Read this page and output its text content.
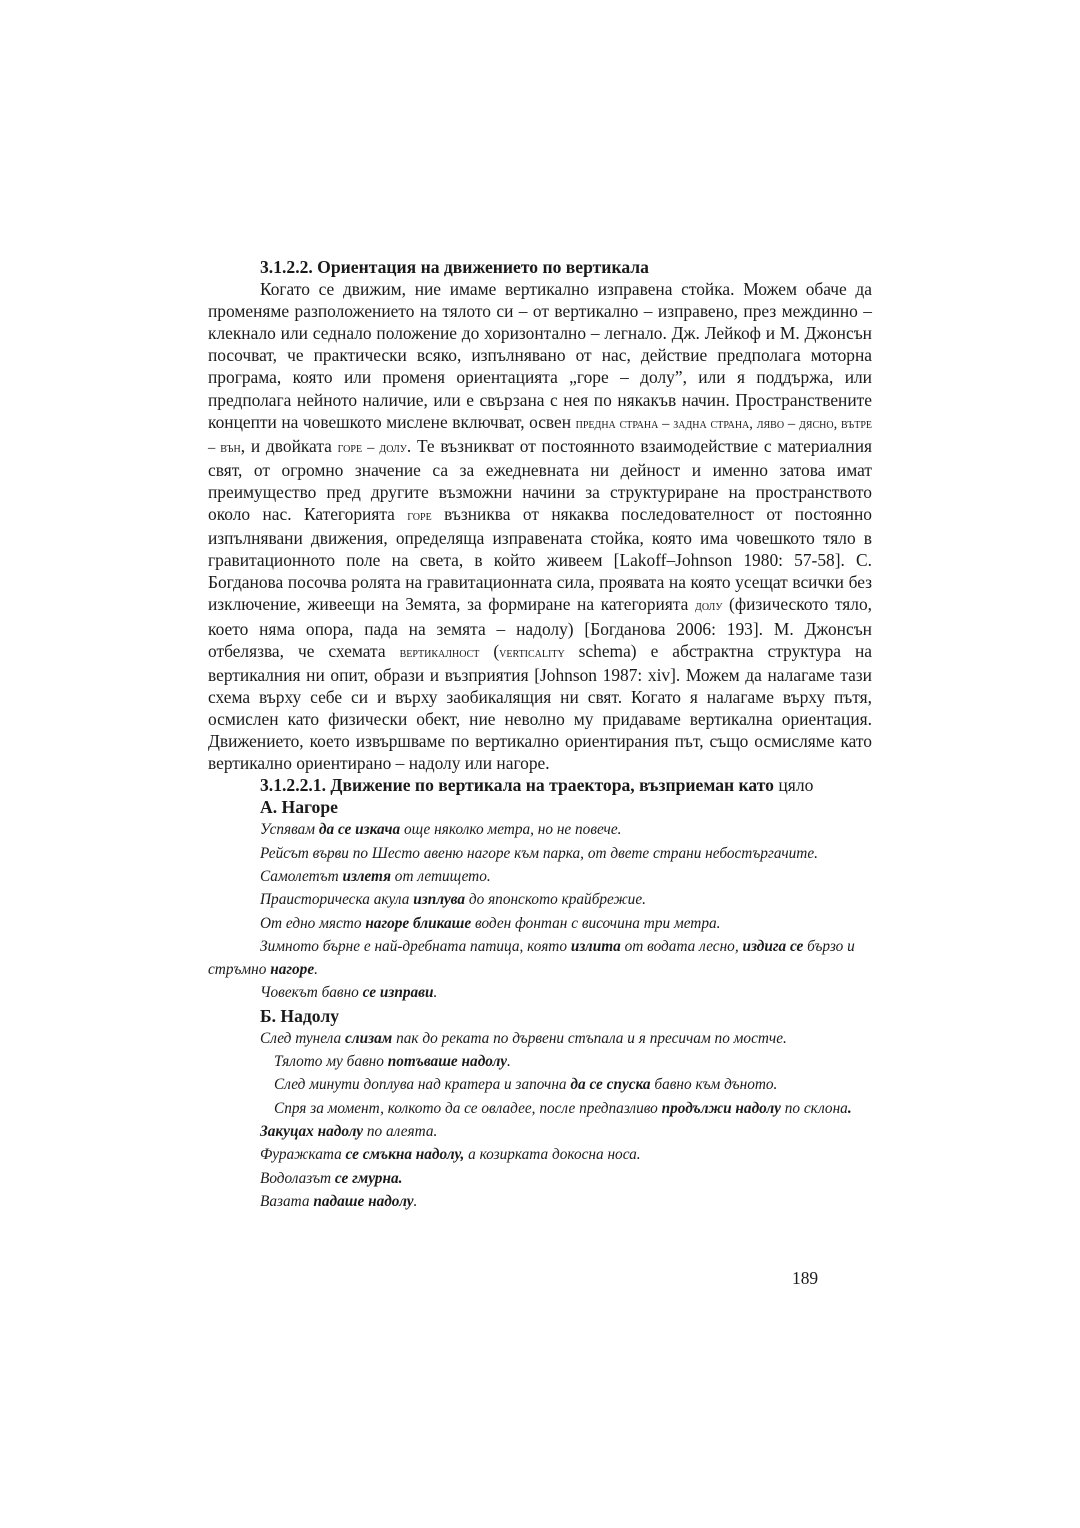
3.1.2.2. Ориентация на движението по вертикала

Когато се движим, ние имаме вертикално изправена стойка. Можем обаче да променяме разположението на тялото си – от вертикално – изправено, през междинно – клекнало или седнало положение до хоризонтално – легнало. Дж. Лейкоф и М. Джонсън посочват, че практически всяко, изпълнявано от нас, действие предполага моторна програма, която или променя ориентацията „горе – долу”, или я поддържа, или предполага нейното наличие, или е свързана с нея по някакъв начин. Пространствените концепти на човешкото мислене включват, освен предна страна – задна страна, ляво – дясно, вътре – вън, и двойката горе – долу. Те възникват от постоянното взаимодействие с материалния свят, от огромно значение са за ежедневната ни дейност и именно затова имат преимущество пред другите възможни начини за структуриране на пространството около нас. Категорията горе възниква от някаква последователност от постоянно изпълнявани движения, определяща изправената стойка, която има човешкото тяло в гравитационното поле на света, в който живеем [Lakoff–Johnson 1980: 57-58]. С. Богданова посочва ролята на гравитационната сила, проявата на която усещат всички без изключение, живеещи на Земята, за формиране на категорията долу (физическото тяло, което няма опора, пада на земята – надолу) [Богданова 2006: 193]. М. Джонсън отбелязва, че схемата вертикалност (verticality schema) е абстрактна структура на вертикалния ни опит, образи и възприятия [Johnson 1987: xiv]. Можем да налагаме тази схема върху себе си и върху заобикалящия ни свят. Когато я налагаме върху пътя, осмислен като физически обект, ние неволно му придаваме вертикална ориентация. Движението, което извършваме по вертикално ориентирания път, също осмисляме като вертикално ориентирано – надолу или нагоре.

3.1.2.2.1. Движение по вертикала на траектора, възприеман като цяло
А. Нагоре
Успявам да се изкача още няколко метра, но не повече.
Рейсът върви по Шесто авеню нагоре към парка, от двете страни небостъргачите.
Самолетът излетя от летището.
Праисторическа акула изплува до японското крайбрежие.
От едно място нагоре бликаше воден фонтан с височина три метра.
Зимното бърне е най-дребната патица, която излита от водата лесно, издига се бързо и стръмно нагоре.
Човекът бавно се изправи.
Б. Надолу
След тунела слизам пак до реката по дървени стъпала и я пресичам по мостче.
Тялото му бавно потъваше надолу.
След минути доплува над кратера и започна да се спуска бавно към дъното.
Спря за момент, колкото да се овладее, после предпазливо продължи надолу по склона.
Закуцах надолу по алеята.
Фуражката се смъкна надолу, а козирката докосна носа.
Водолазът се гмурна.
Вазата падаше надолу.
189
